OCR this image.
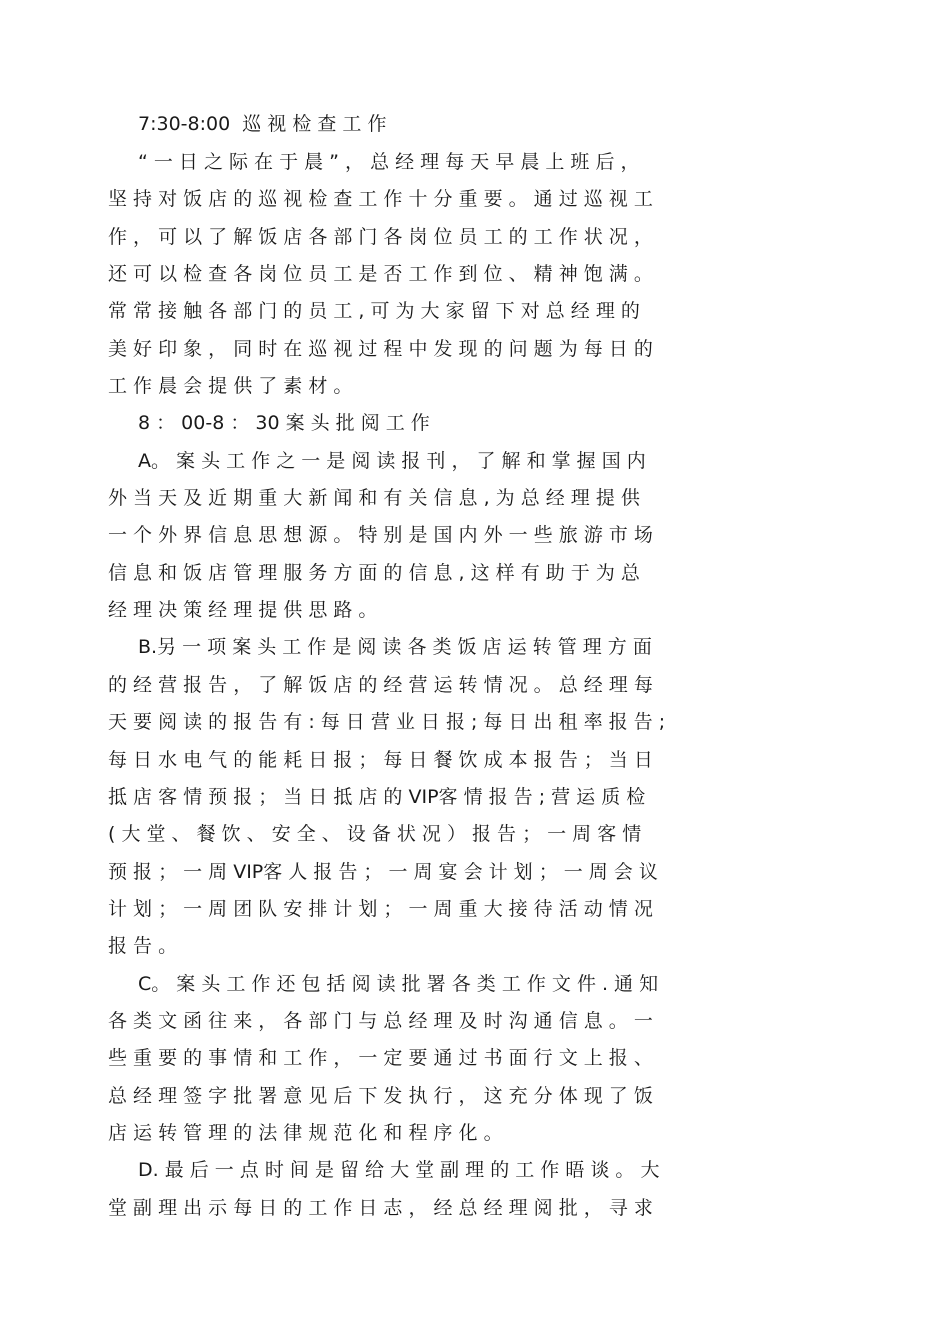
7:30-8:00  巡 视 检 查 工 作
“ 一 日 之 际 在 于 晨 ” ， 总 经 理 每 天 早 晨 上 班 后 ，
坚 持 对 饭 店 的 巡 视 检 查 工 作 十 分 重 要 。 通 过 巡 视 工
作 ， 可 以 了 解 饭 店 各 部 门 各 岗 位 员 工 的 工 作 状 况 ，
还 可 以 检 查 各 岗 位 员 工 是 否 工 作 到 位 、 精 神 饱 满 。
常 常 接 触 各 部 门 的 员 工 , 可 为 大 家 留 下 对 总 经 理 的
美 好 印 象 ， 同 时 在 巡 视 过 程 中 发 现 的 问 题 为 每 日 的
工 作 晨 会 提 供 了 素 材 。
8 ： 00-8 ： 30 案 头 批 阅 工 作
A。 案 头 工 作 之 一 是 阅 读 报 刊 ， 了 解 和 掌 握 国 内
外 当 天 及 近 期 重 大 新 闻 和 有 关 信 息 , 为 总 经 理 提 供
一 个 外 界 信 息 思 想 源 。 特 别 是 国 内 外 一 些 旅 游 市 场
信 息 和 饭 店 管 理 服 务 方 面 的 信 息 , 这 样 有 助 于 为 总
经 理 决 策 经 理 提 供 思 路 。
B.另 一 项 案 头 工 作 是 阅 读 各 类 饭 店 运 转 管 理 方 面
的 经 营 报 告 ， 了 解 饭 店 的 经 营 运 转 情 况 。 总 经 理 每
天 要 阅 读 的 报 告 有 : 每 日 营 业 日 报 ; 每 日 出 租 率 报 告 ;
每 日 水 电 气 的 能 耗 日 报 ； 每 日 餐 饮 成 本 报 告 ； 当 日
抵 店 客 情 预 报 ； 当 日 抵 店 的 VIP客 情 报 告 ; 营 运 质 检
( 大 堂 、 餐 饮 、 安 全 、 设 备 状 况 ） 报 告 ； 一 周 客 情
预 报 ； 一 周 VIP客 人 报 告 ； 一 周 宴 会 计 划 ； 一 周 会 议
计 划 ； 一 周 团 队 安 排 计 划 ； 一 周 重 大 接 待 活 动 情 况
报 告 。
C。 案 头 工 作 还 包 括 阅 读 批 署 各 类 工 作 文 件 . 通 知
各 类 文 函 往 来 ， 各 部 门 与 总 经 理 及 时 沟 通 信 息 。 一
些 重 要 的 事 情 和 工 作 ， 一 定 要 通 过 书 面 行 文 上 报 、
总 经 理 签 字 批 署 意 见 后 下 发 执 行 ， 这 充 分 体 现 了 饭
店 运 转 管 理 的 法 律 规 范 化 和 程 序 化 。
D. 最 后 一 点 时 间 是 留 给 大 堂 副 理 的 工 作 晤 谈 。 大
堂 副 理 出 示 每 日 的 工 作 日 志 ， 经 总 经 理 阅 批 ， 寻 求
